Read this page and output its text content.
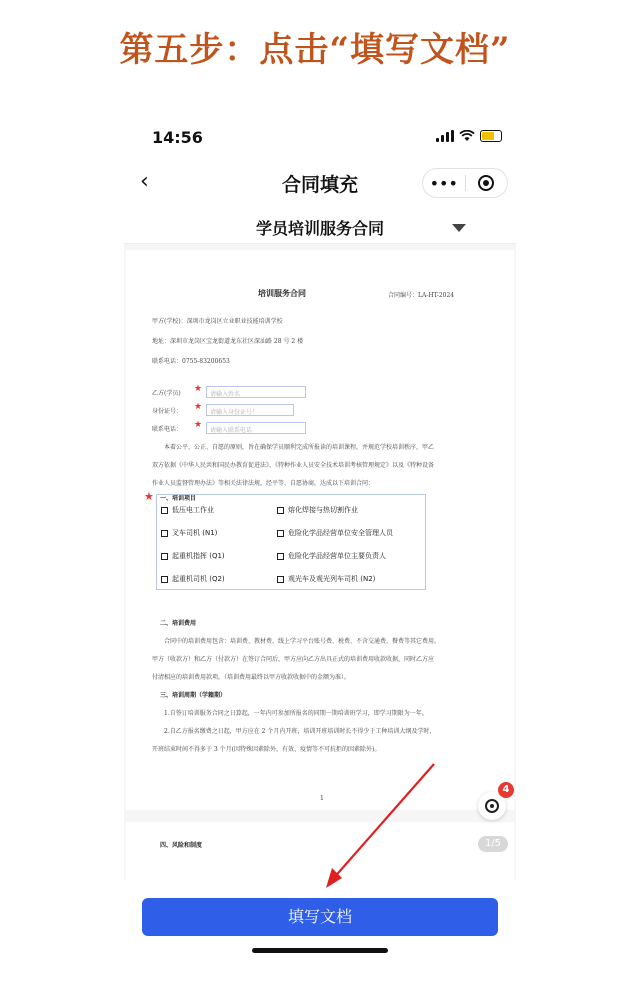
第五步：点击“填写文档”
14:56
‹	合同填充	•••
学员培训服务合同
培训服务合同	合同编号：LA-HT-2024
甲方(学校)：深圳市龙岗区立业职业技能培训学校
地址：深圳市龙岗区宝龙街道龙东社区深汕路 28 号 2 楼
联系电话：0755-83200653
乙方(学员) ★
请输入姓名
身份证号： ★
请输入身份证号！
联系电话： ★
请输入联系电话
本着公平、公正、自愿的原则，旨在确保学员顺利完成所报读的培训课程，并规范学校培训秩序，甲乙
双方依据《中华人民共和国民办教育促进法》、《特种作业人员安全技术培训考核管理规定》以及《特种设备
作业人员监督管理办法》等相关法律法规，经平等、自愿协商，达成以下培训合同：
一、培训项目
★
低压电工作业	熔化焊接与热切割作业
叉车司机 (N1)	危险化学品经营单位安全管理人员
起重机指挥 (Q1)	危险化学品经营单位主要负责人
起重机司机 (Q2)	观光车及观光列车司机 (N2)
二、培训费用
合同中的培训费用包含：培训费、教材费、线上学习平台账号费、税费、不含交通费、餐费等其它费用。
甲方（收款方）和乙方（付款方）在签订合同后，甲方应向乙方出具正式的培训费用收款收据，同时乙方应
付清相应的培训费用款项。（培训费用最终以甲方收款收据中的金额为准）。
三、培训周期（学籍期）
1.自签订培训服务合同之日算起，一年内可参加所报名的同期一期培训班学习，即学习期限为一年。
2.自乙方报名缴费之日起，甲方应在 2 个月内开班，培训开班培训时长不得少于工种培训大纲及学时，
开班结束时间不得多于 3 个月(因特殊因素除外，有效、疫情等不可抗拒的因素除外)。
1
四、风险和制度
4
1/5
填写文档
